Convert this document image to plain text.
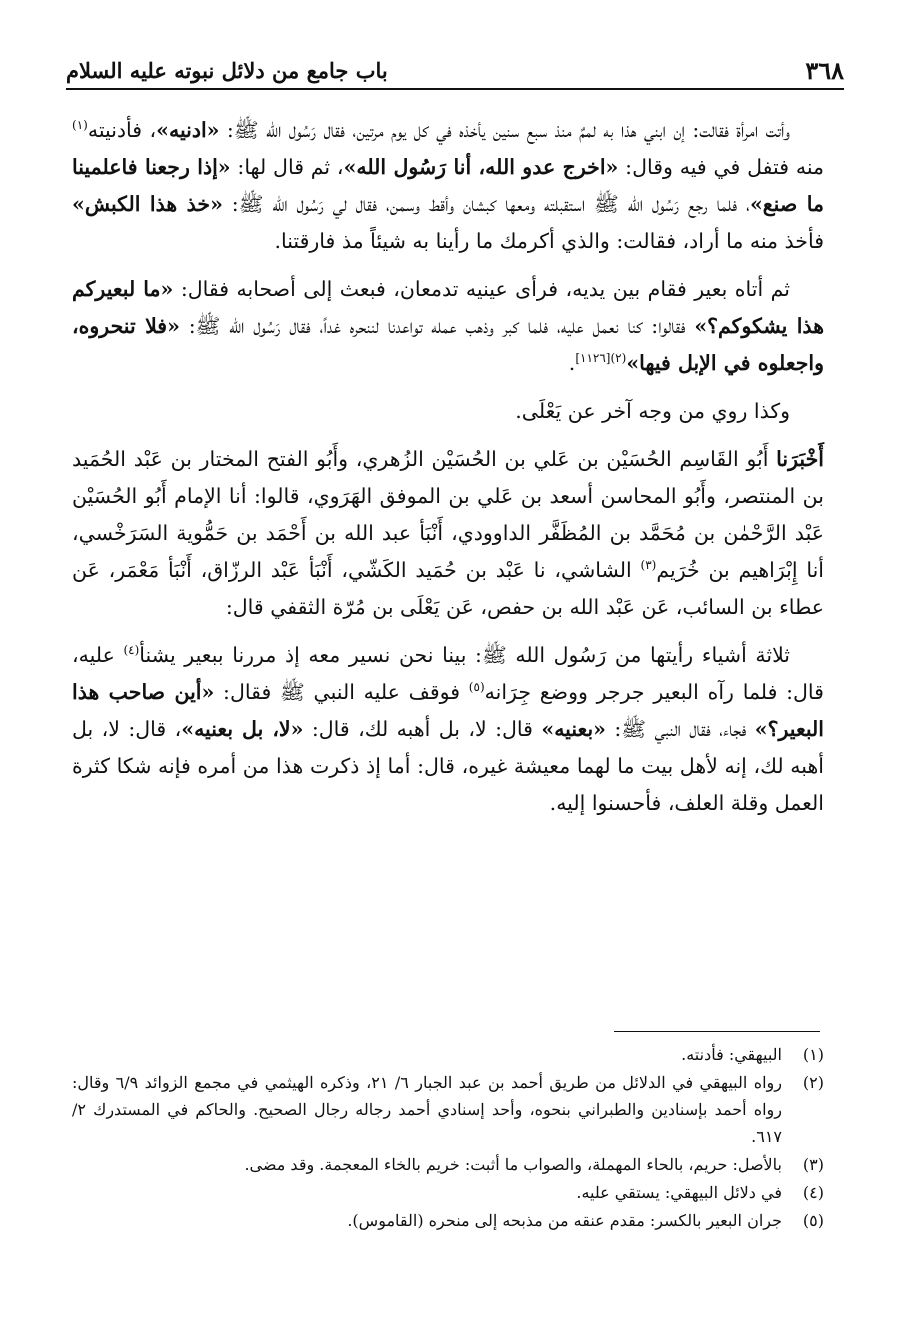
٣٦٨
باب جامع من دلائل نبوته عليه السلام

وأتت امرأة فقالت: إن ابني هذا به لممٌ منذ سبع سنين يأخذه في كل يوم مرتين، فقال رَسُول الله ﷺ: «ادنيه»، فأدنيته$^{(١)}$ منه فتفل في فيه وقال: «اخرج عدو الله، أنا رَسُول الله»، ثم قال لها: «إذا رجعنا فاعلمينا ما صنع»، فلما رجع رَسُول الله ﷺ استقبلته ومعها كبشان وأقط وسمن، فقال لي رَسُول الله ﷺ: «خذ هذا الكبش» فأخذ منه ما أراد، فقالت: والذي أكرمك ما رأينا به شيئاً مذ فارقتنا.

ثم أتاه بعير فقام بين يديه، فرأى عينيه تدمعان، فبعث إلى أصحابه فقال: «ما لبعيركم هذا يشكوكم؟» فقالوا: كنا نعمل عليه، فلما كبر وذهب عمله تواعدنا لننحره غداً، فقال رَسُول الله ﷺ: «فلا تنحروه، واجعلوه في الإبل فيها»$^{(٢)[١١٢٦]}$.

وكذا روي من وجه آخر عن يَعْلَى.

أَخْبَرَنا أَبُو القَاسِم الحُسَيْن بن عَلي بن الحُسَيْن الزُهري، وأَبُو الفتح المختار بن عَبْد الحُمَيد بن المنتصر، وأَبُو المحاسن أسعد بن عَلي بن الموفق الهَرَوي، قالوا: أنا الإمام أَبُو الحُسَيْن عَبْد الرَّحْمٰن بن مُحَمَّد بن المُظَفَّر الداوودي، أَنْبَأ عبد الله بن أَحْمَد بن حَمُّوية السَرَخْسي، أنا إِبْرَاهيم بن خُرَيم$^{(٣)}$ الشاشي، نا عَبْد بن حُمَيد الكَشّي، أَنْبَأ عَبْد الرزّاق، أَنْبَأ مَعْمَر، عَن عطاء بن السائب، عَن عَبْد الله بن حفص، عَن يَعْلَى بن مُرّة الثقفي قال:

ثلاثة أشياء رأيتها من رَسُول الله ﷺ: بينا نحن نسير معه إذ مررنا ببعير يشنأ$^{(٤)}$ عليه، قال: فلما رآه البعير جرجر ووضع جِرَانه$^{(٥)}$ فوقف عليه النبي ﷺ فقال: «أين صاحب هذا البعير؟» فجاء، فقال النبي ﷺ: «بعنيه» قال: لا، بل أهبه لك، قال: «لا، بل بعنيه»، قال: لا، بل أهبه لك، إنه لأهل بيت ما لهما معيشة غيره، قال: أما إذ ذكرت هذا من أمره فإنه شكا كثرة العمل وقلة العلف، فأحسنوا إليه.

(١)
البيهقي: فأدنته.
(٢)
رواه البيهقي في الدلائل من طريق أحمد بن عبد الجبار ٦/ ٢١، وذكره الهيثمي في مجمع الزوائد ٦/٩ وقال: رواه أحمد بإسنادين والطبراني بنحوه، وأحد إسنادي أحمد رجاله رجال الصحيح. والحاكم في المستدرك ٢/ ٦١٧.
(٣)
بالأصل: حريم، بالحاء المهملة، والصواب ما أثبت: خريم بالخاء المعجمة. وقد مضى.
(٤)
في دلائل البيهقي: يستقي عليه.
(٥)
جران البعير بالكسر: مقدم عنقه من مذبحه إلى منحره (القاموس).
